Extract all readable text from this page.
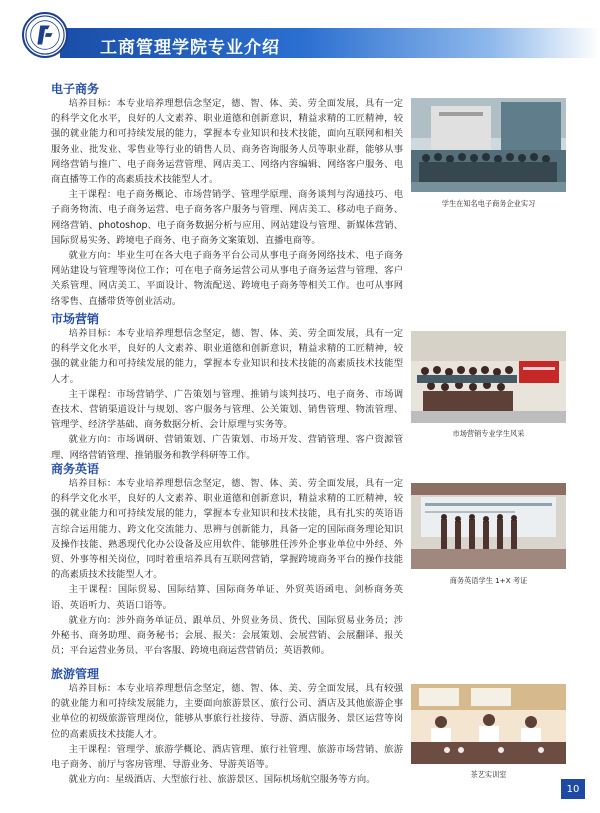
工商管理学院专业介绍
电子商务

培养目标：本专业培养理想信念坚定，德、智、体、美、劳全面发展，具有一定的科学文化水平，良好的人文素养、职业道德和创新意识，精益求精的工匠精神，较强的就业能力和可持续发展的能力，掌握本专业知识和技术技能，面向互联网和相关服务业、批发业、零售业等行业的销售人员、商务咨询服务人员等职业群，能够从事网络营销与推广、电子商务运营管理、网店美工、网络内容编辑、网络客户服务、电商直播等工作的高素质技术技能型人才。

主干课程：电子商务概论、市场营销学、管理学原理、商务谈判与沟通技巧、电子商务物流、电子商务运营、电子商务客户服务与管理、网店美工、移动电子商务、网络营销、photoshop、电子商务数据分析与应用、网站建设与管理、新媒体营销、国际贸易实务、跨境电子商务、电子商务文案策划、直播电商等。

就业方向：毕业生可在各大电子商务平台公司从事电子商务网络技术、电子商务网站建设与管理等岗位工作；可在电子商务运营公司从事电子商务运营与管理、客户关系管理、网店美工、平面设计、物流配送、跨境电子商务等相关工作。也可从事网络零售、直播带货等创业活动。

学生在知名电子商务企业实习
市场营销

培养目标：本专业培养理想信念坚定，德、智、体、美、劳全面发展，具有一定的科学文化水平，良好的人文素养、职业道德和创新意识，精益求精的工匠精神，较强的就业能力和可持续发展的能力，掌握本专业知识和技术技能的高素质技术技能型人才。

主干课程：市场营销学、广告策划与管理、推销与谈判技巧、电子商务、市场调查技术、营销渠道设计与规划、客户服务与管理、公关策划、销售管理、物流管理、管理学、经济学基础、商务数据分析、会计原理与实务等。

就业方向：市场调研、营销策划、广告策划、市场开发、营销管理、客户资源管理、网络营销管理、推销服务和教学科研等工作。

市场营销专业学生风采
商务英语

培养目标：本专业培养理想信念坚定，德、智、体、美、劳全面发展，具有一定的科学文化水平，良好的人文素养、职业道德和创新意识，精益求精的工匠精神，较强的就业能力和可持续发展的能力，掌握本专业知识和技术技能，具有扎实的英语语言综合运用能力、跨文化交流能力、思辨与创新能力，具备一定的国际商务理论知识及操作技能、熟悉现代化办公设备及应用软件、能够胜任涉外企事业单位中外经、外贸、外事等相关岗位，同时着重培养具有互联网营销，掌握跨境商务平台的操作技能的高素质技术技能型人才。

主干课程：国际贸易、国际结算、国际商务单证、外贸英语函电、剑桥商务英语、英语听力、英语口语等。

就业方向：涉外商务单证员、跟单员、外贸业务员、货代、国际贸易业务员；涉外秘书、商务助理、商务秘书；会展、报关：会展策划、会展营销、会展翻译、报关员；平台运营业务员、平台客服、跨境电商运营营销员；英语教师。

商务英语学生 1+X 考证
旅游管理

培养目标：本专业培养理想信念坚定，德、智、体、美、劳全面发展，具有较强的就业能力和可持续发展能力，主要面向旅游景区、旅行公司、酒店及其他旅游企事业单位的初级旅游管理岗位，能够从事旅行社接待、导游、酒店服务、景区运营等岗位的高素质技术技能人才。

主干课程：管理学、旅游学概论、酒店管理、旅行社管理、旅游市场营销、旅游电子商务、前厅与客房管理、导游业务、导游英语等。

就业方向：星级酒店、大型旅行社、旅游景区、国际机场航空服务等方向。	茶艺实训室
10
